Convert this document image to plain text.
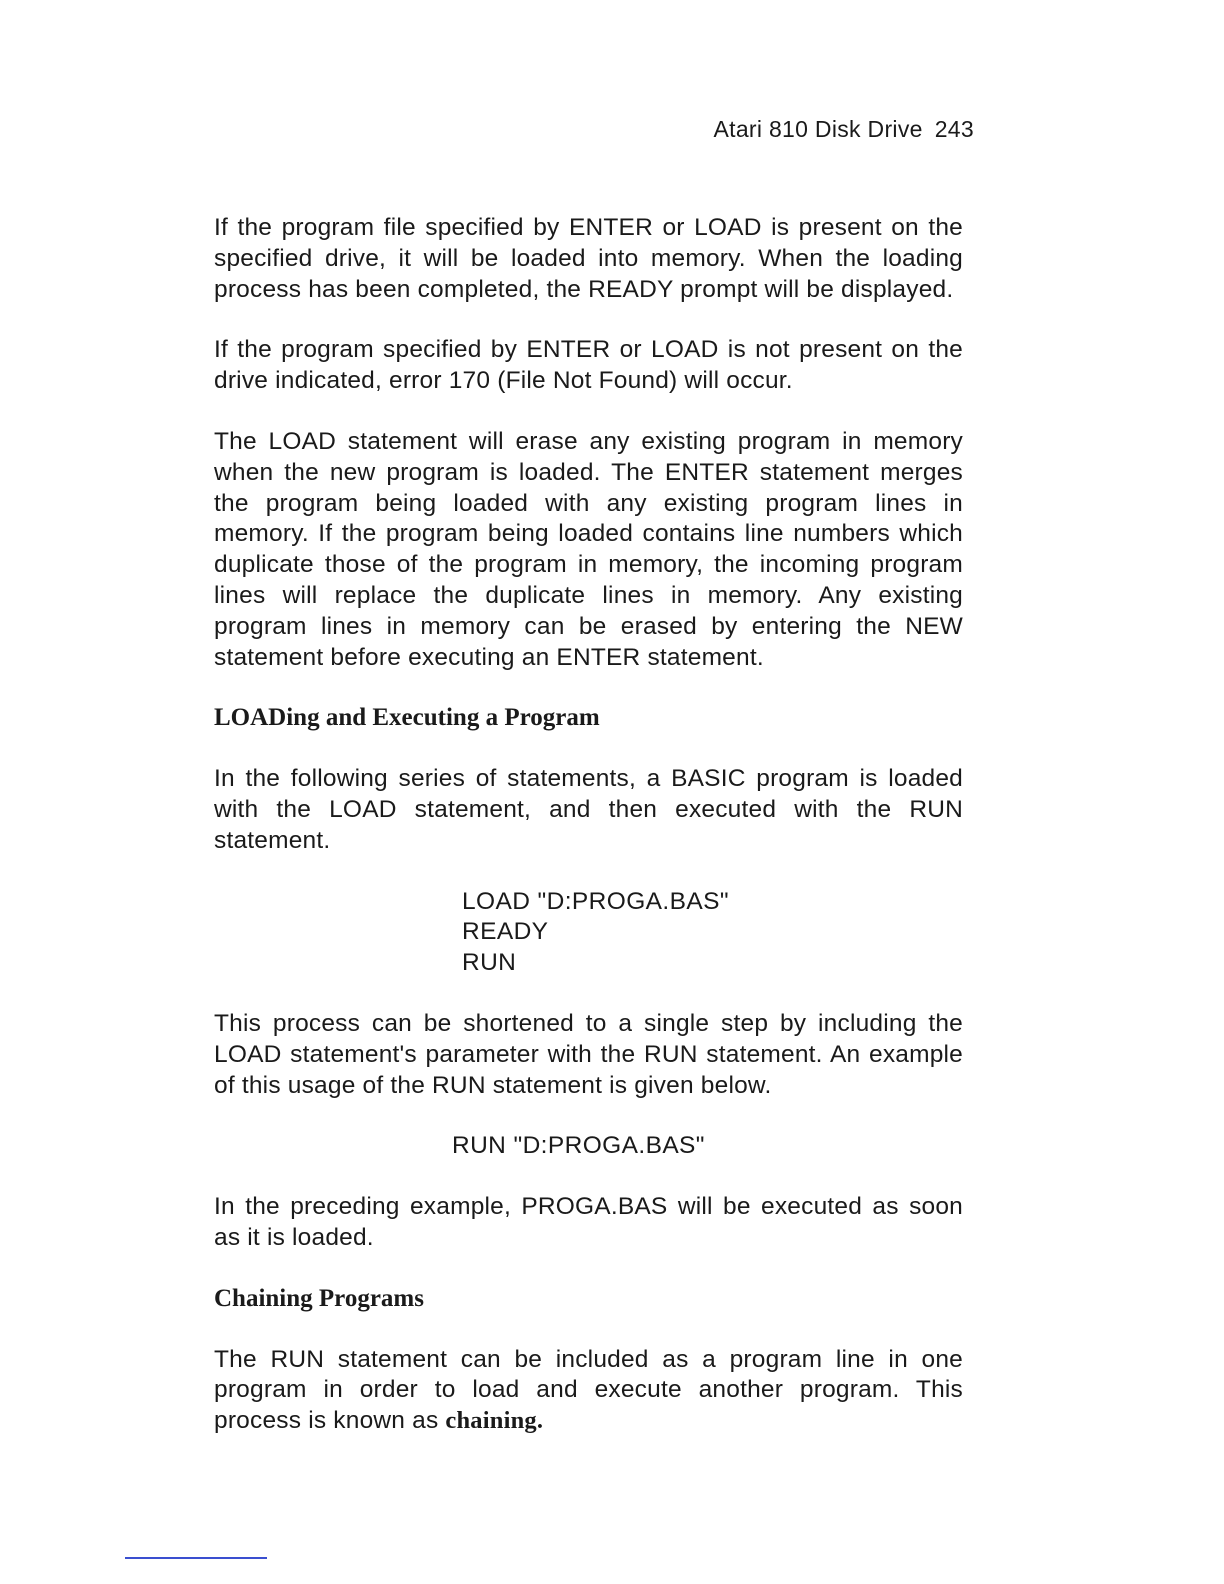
Atari 810 Disk Drive 243

If the program file specified by ENTER or LOAD is present on the specified drive, it will be loaded into memory. When the loading process has been completed, the READY prompt will be displayed.

If the program specified by ENTER or LOAD is not present on the drive indicated, error 170 (File Not Found) will occur.

The LOAD statement will erase any existing program in memory when the new program is loaded. The ENTER statement merges the program being loaded with any existing program lines in memory. If the program being loaded contains line numbers which duplicate those of the program in memory, the incoming program lines will replace the duplicate lines in memory. Any existing program lines in memory can be erased by entering the NEW statement before executing an ENTER statement.

LOADing and Executing a Program

In the following series of statements, a BASIC program is loaded with the LOAD statement, and then executed with the RUN statement.

LOAD "D:PROGA.BAS"
READY
RUN

This process can be shortened to a single step by including the LOAD statement's parameter with the RUN statement. An example of this usage of the RUN statement is given below.

RUN "D:PROGA.BAS"

In the preceding example, PROGA.BAS will be executed as soon as it is loaded.

Chaining Programs

The RUN statement can be included as a program line in one program in order to load and execute another program. This process is known as chaining.
